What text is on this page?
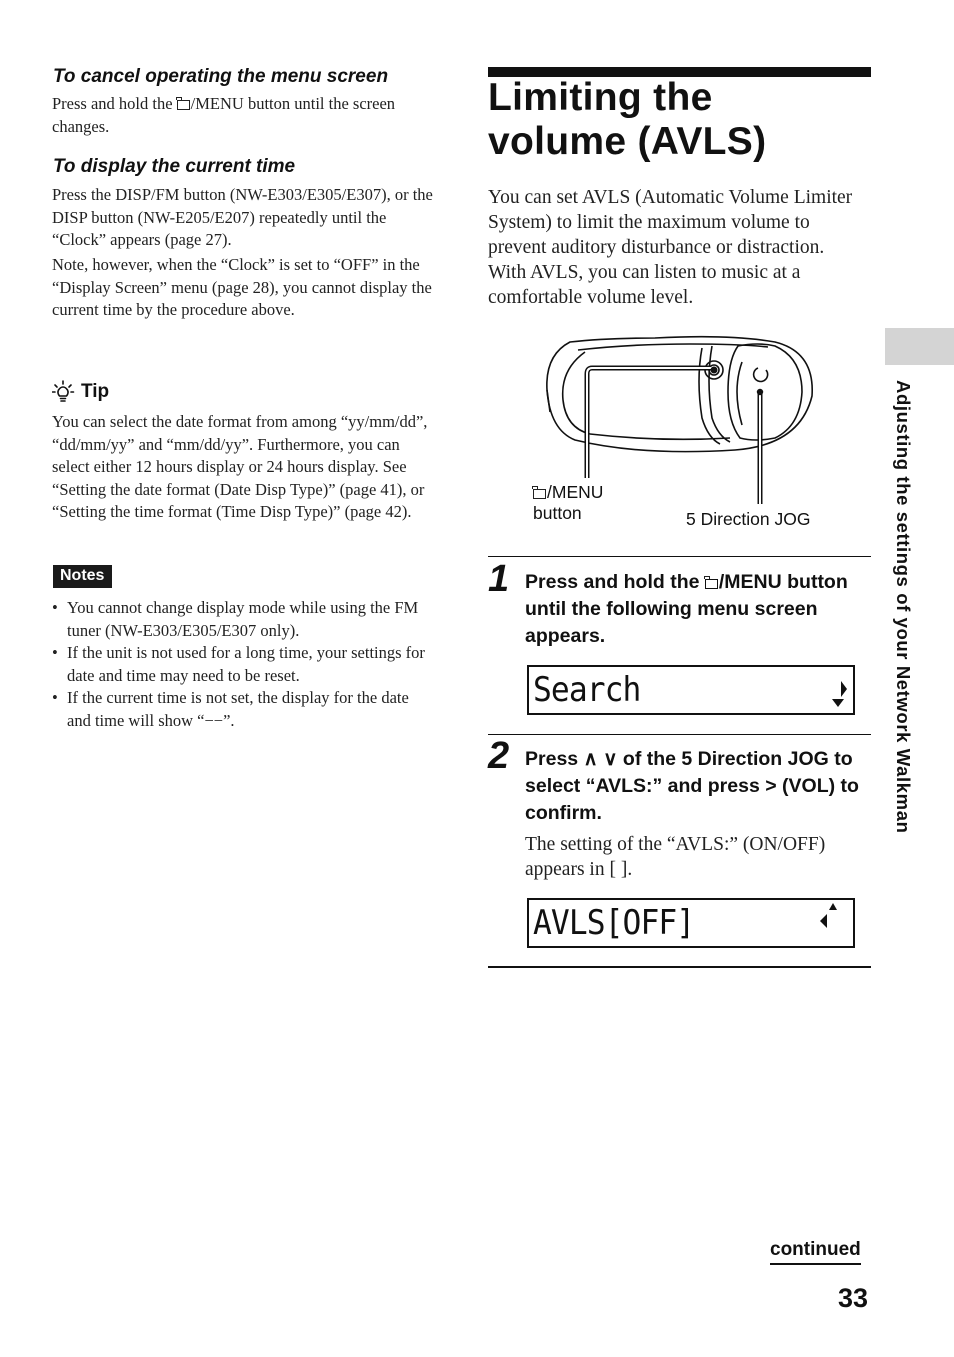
To cancel operating the menu screen
Press and hold the /MENU button until the screen changes.
To display the current time
Press the DISP/FM button (NW-E303/E305/E307), or the DISP button (NW-E205/E207) repeatedly until the “Clock” appears (page 27).
Note, however, when the “Clock” is set to “OFF” in the “Display Screen” menu (page 28), you cannot display the current time by the procedure above.
Tip
You can select the date format from among “yy/mm/dd”, “dd/mm/yy” and “mm/dd/yy”. Furthermore, you can select either 12 hours display or 24 hours display. See “Setting the date format (Date Disp Type)” (page 41), or “Setting the time format (Time Disp Type)” (page 42).
Notes
• You cannot change display mode while using the FM tuner (NW-E303/E305/E307 only).
• If the unit is not used for a long time, your settings for date and time may need to be reset.
• If the current time is not set, the display for the date and time will show “−−”.
Limiting the
volume (AVLS)
You can set AVLS (Automatic Volume Limiter System) to limit the maximum volume to prevent auditory disturbance or distraction. With AVLS, you can listen to music at a comfortable volume level.
/MENU
button	5 Direction JOG
1 Press and hold the /MENU button until the following menu screen appears.
Search
2 Press ∧ ∨ of the 5 Direction JOG to select “AVLS:” and press > (VOL) to confirm.
The setting of the “AVLS:” (ON/OFF) appears in [ ].
AVLS[OFF]
continued
33
Adjusting the settings of your Network Walkman
